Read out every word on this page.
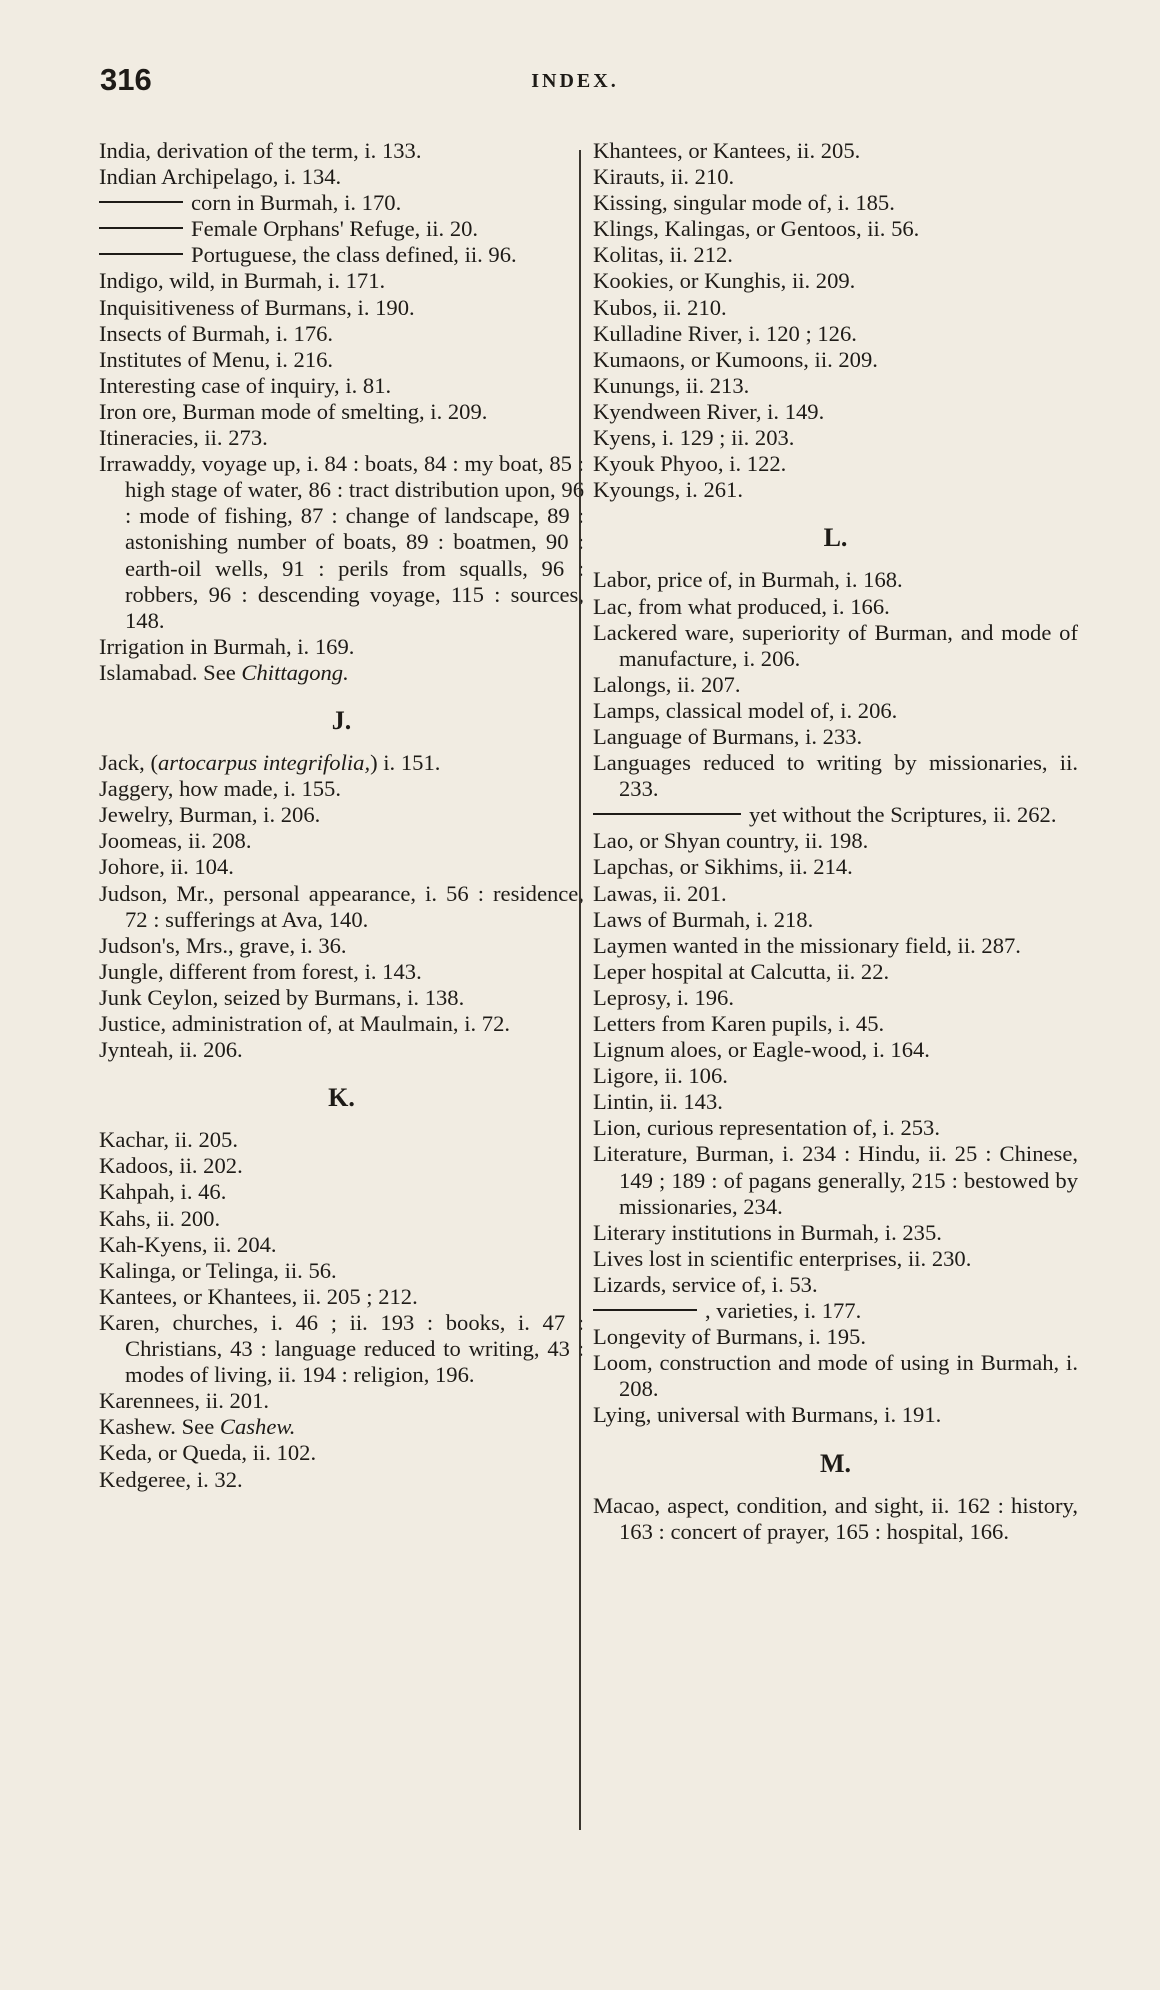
316	INDEX.
India, derivation of the term, i. 133.
Indian Archipelago, i. 134.
corn in Burmah, i. 170.
Female Orphans' Refuge, ii. 20.
Portuguese, the class defined, ii. 96.
Indigo, wild, in Burmah, i. 171.
Inquisitiveness of Burmans, i. 190.
Insects of Burmah, i. 176.
Institutes of Menu, i. 216.
Interesting case of inquiry, i. 81.
Iron ore, Burman mode of smelting, i. 209.
Itineracies, ii. 273.
Irrawaddy, voyage up, i. 84 : boats, 84 : my boat, 85 : high stage of water, 86 : tract distribution upon, 96 : mode of fishing, 87 : change of landscape, 89 : astonishing number of boats, 89 : boatmen, 90 : earth-oil wells, 91 : perils from squalls, 96 : robbers, 96 : descending voyage, 115 : sources, 148.
Irrigation in Burmah, i. 169.
Islamabad. See Chittagong.
J.
Jack, (artocarpus integrifolia,) i. 151.
Jaggery, how made, i. 155.
Jewelry, Burman, i. 206.
Joomeas, ii. 208.
Johore, ii. 104.
Judson, Mr., personal appearance, i. 56 : residence, 72 : sufferings at Ava, 140.
Judson's, Mrs., grave, i. 36.
Jungle, different from forest, i. 143.
Junk Ceylon, seized by Burmans, i. 138.
Justice, administration of, at Maulmain, i. 72.
Jynteah, ii. 206.
K.
Kachar, ii. 205.
Kadoos, ii. 202.
Kahpah, i. 46.
Kahs, ii. 200.
Kah-Kyens, ii. 204.
Kalinga, or Telinga, ii. 56.
Kantees, or Khantees, ii. 205 ; 212.
Karen, churches, i. 46 ; ii. 193 : books, i. 47 : Christians, 43 : language reduced to writing, 43 : modes of living, ii. 194 : religion, 196.
Karennees, ii. 201.
Kashew. See Cashew.
Keda, or Queda, ii. 102.
Kedgeree, i. 32.
Khantees, or Kantees, ii. 205.
Kirauts, ii. 210.
Kissing, singular mode of, i. 185.
Klings, Kalingas, or Gentoos, ii. 56.
Kolitas, ii. 212.
Kookies, or Kunghis, ii. 209.
Kubos, ii. 210.
Kulladine River, i. 120 ; 126.
Kumaons, or Kumoons, ii. 209.
Kunungs, ii. 213.
Kyendween River, i. 149.
Kyens, i. 129 ; ii. 203.
Kyouk Phyoo, i. 122.
Kyoungs, i. 261.
L.
Labor, price of, in Burmah, i. 168.
Lac, from what produced, i. 166.
Lackered ware, superiority of Burman, and mode of manufacture, i. 206.
Lalongs, ii. 207.
Lamps, classical model of, i. 206.
Language of Burmans, i. 233.
Languages reduced to writing by missionaries, ii. 233.
yet without the Scriptures, ii. 262.
Lao, or Shyan country, ii. 198.
Lapchas, or Sikhims, ii. 214.
Lawas, ii. 201.
Laws of Burmah, i. 218.
Laymen wanted in the missionary field, ii. 287.
Leper hospital at Calcutta, ii. 22.
Leprosy, i. 196.
Letters from Karen pupils, i. 45.
Lignum aloes, or Eagle-wood, i. 164.
Ligore, ii. 106.
Lintin, ii. 143.
Lion, curious representation of, i. 253.
Literature, Burman, i. 234 : Hindu, ii. 25 : Chinese, 149 ; 189 : of pagans generally, 215 : bestowed by missionaries, 234.
Literary institutions in Burmah, i. 235.
Lives lost in scientific enterprises, ii. 230.
Lizards, service of, i. 53.
, varieties, i. 177.
Longevity of Burmans, i. 195.
Loom, construction and mode of using in Burmah, i. 208.
Lying, universal with Burmans, i. 191.
M.
Macao, aspect, condition, and sight, ii. 162 : history, 163 : concert of prayer, 165 : hospital, 166.
